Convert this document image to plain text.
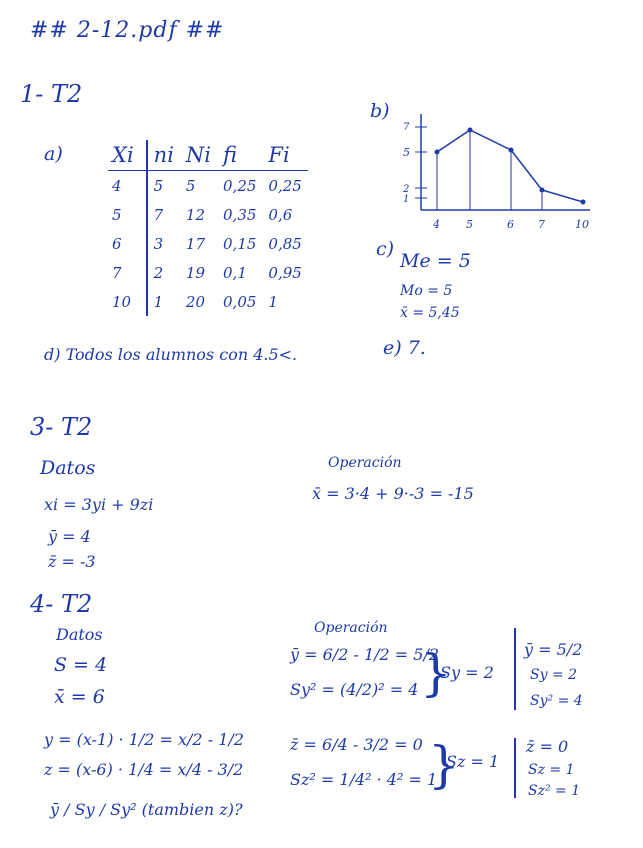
## 2-12.pdf ##
1- T2
a) Xi	ni	Ni	fi	Fi
4	5	5	0,25	0,25
5	7	12	0,35	0,6
6	3	17	0,15	0,85
7	2	19	0,1	0,95
10	1	20	0,05	1
b)
7
5
2
1
4 5	6 7	10
c)
Me = 5
Mo = 5
x̄ = 5,45
d) Todos los alumnos con 4.5<.	e) 7.
3- T2
Datos
xi = 3yi + 9zi
ȳ = 4
z̄ = -3
Operación
x̄ = 3·4 + 9·-3 = -15
4- T2
Datos
S = 4
x̄ = 6
y = (x-1) · 1/2 = x/2 - 1/2
z = (x-6) · 1/4 = x/4 - 3/2
ȳ / Sy / Sy² (tambien z)?
Operación
ȳ = 6/2 - 1/2 = 5/2
Sy² = (4/2)² = 4 }
Sy = 2
ȳ = 5/2
Sy = 2
Sy² = 4
z̄ = 6/4 - 3/2 = 0
Sz² = 1/4² · 4² = 1
}
Sz = 1
z̄ = 0
Sz = 1
Sz² = 1
